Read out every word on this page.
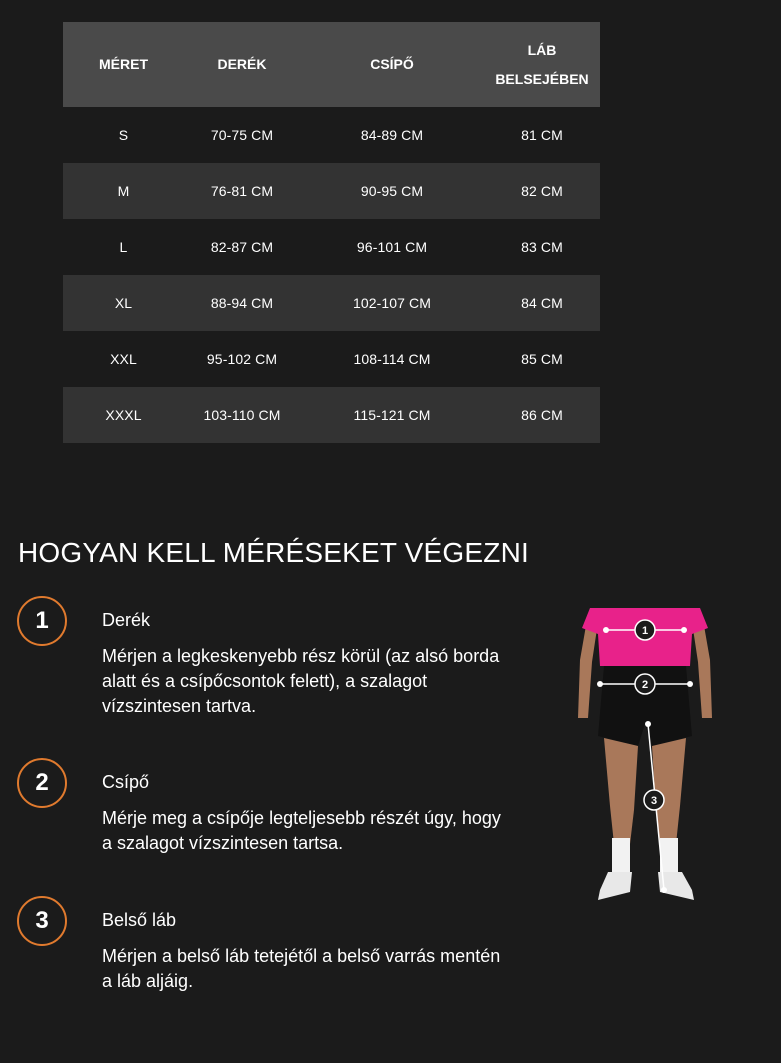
MÉRET	DERÉK	CSÍPŐ	LÁB BELSEJÉBEN
S	70-75 CM	84-89 CM	81 CM
M	76-81 CM	90-95 CM	82 CM
L	82-87 CM	96-101 CM	83 CM
XL	88-94 CM	102-107 CM	84 CM
XXL	95-102 CM	108-114 CM	85 CM
XXXL	103-110 CM	115-121 CM	86 CM
HOGYAN KELL MÉRÉSEKET VÉGEZNI
1	Derék

Mérjen a legkeskenyebb rész körül (az alsó borda alatt és a csípőcsontok felett), a szalagot vízszintesen tartva.

2	Csípő

Mérje meg a csípője legteljesebb részét úgy, hogy a szalagot vízszintesen tartsa.

3	Belső láb

Mérjen a belső láb tetejétől a belső varrás mentén a láb aljáig.

1
2
3
